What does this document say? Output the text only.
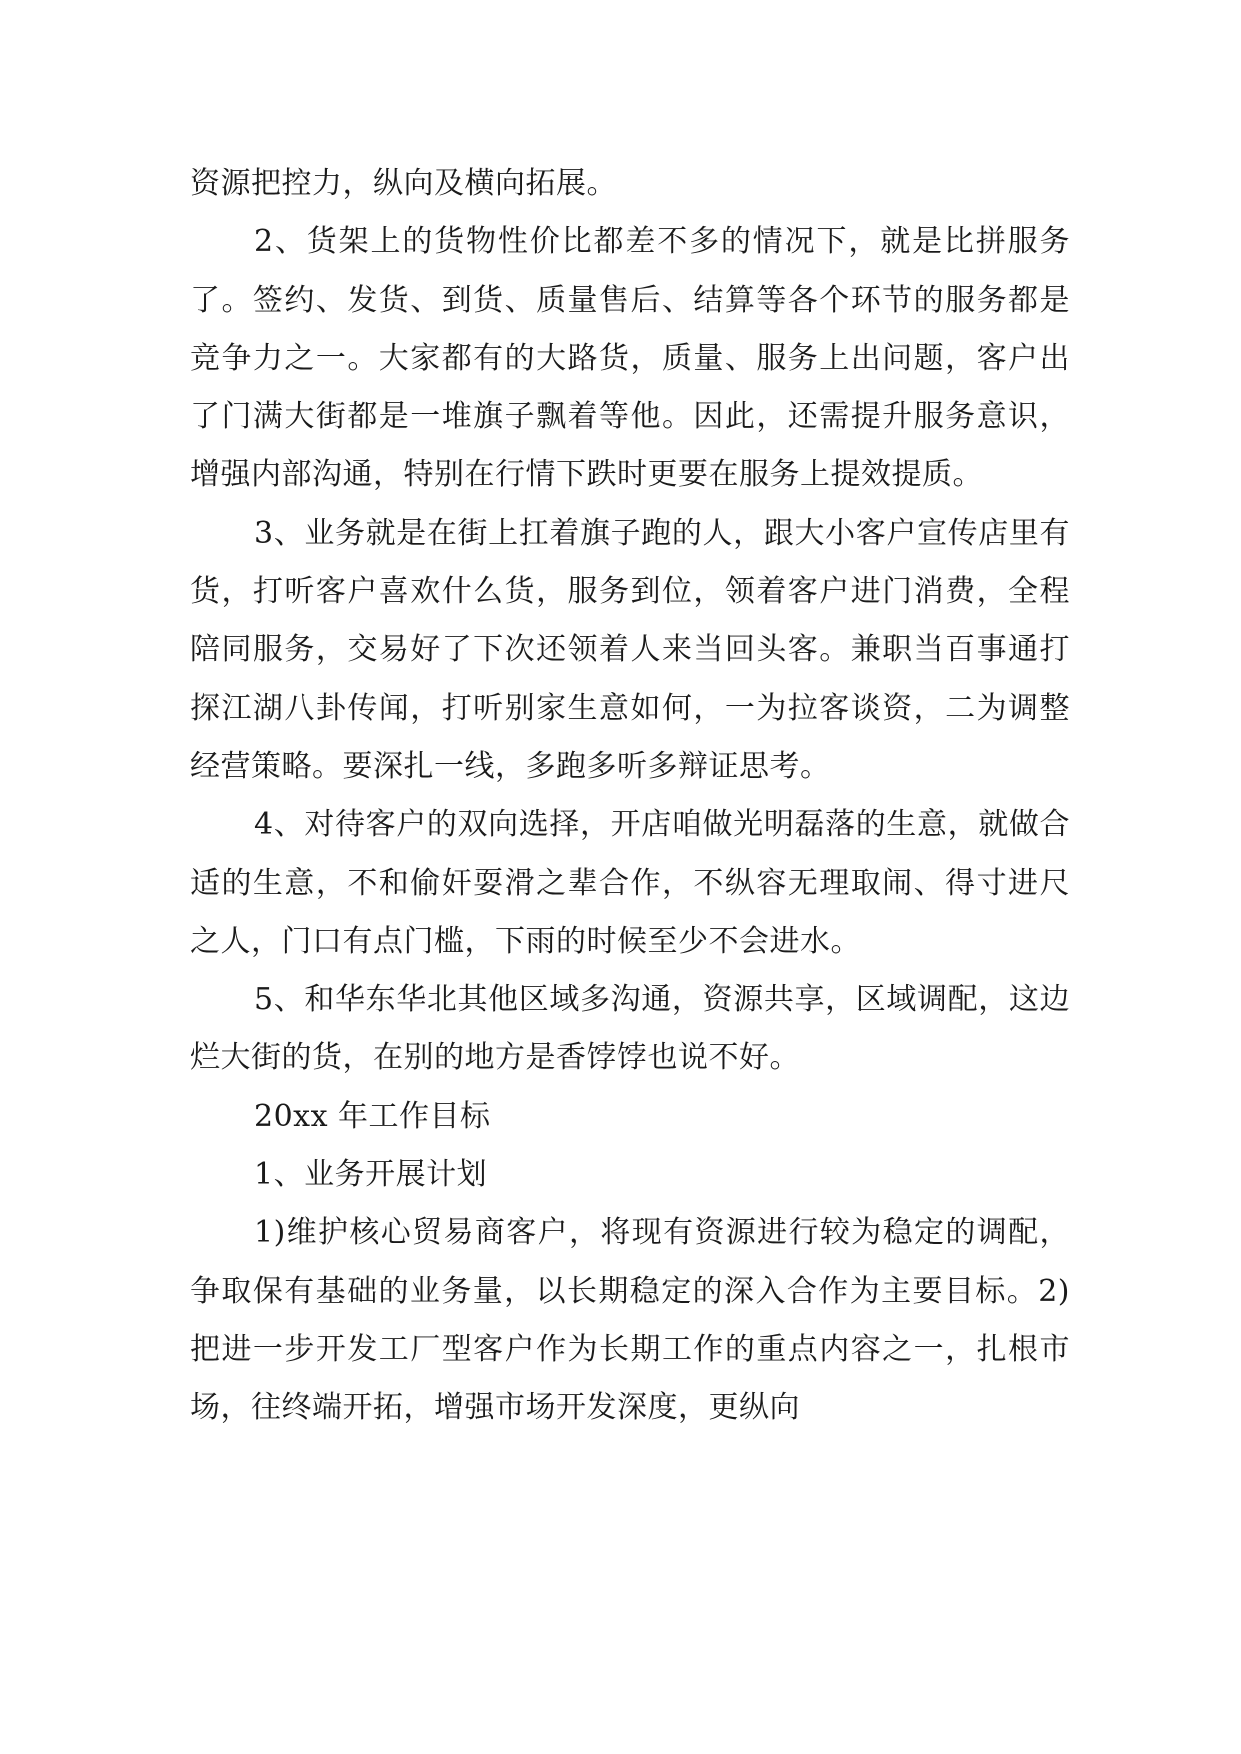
资源把控力，纵向及横向拓展。

2、货架上的货物性价比都差不多的情况下，就是比拼服务了。签约、发货、到货、质量售后、结算等各个环节的服务都是竞争力之一。大家都有的大路货，质量、服务上出问题，客户出了门满大街都是一堆旗子飘着等他。因此，还需提升服务意识，增强内部沟通，特别在行情下跌时更要在服务上提效提质。

3、业务就是在街上扛着旗子跑的人，跟大小客户宣传店里有货，打听客户喜欢什么货，服务到位，领着客户进门消费，全程陪同服务，交易好了下次还领着人来当回头客。兼职当百事通打探江湖八卦传闻，打听别家生意如何，一为拉客谈资，二为调整经营策略。要深扎一线，多跑多听多辩证思考。

4、对待客户的双向选择，开店咱做光明磊落的生意，就做合适的生意，不和偷奸耍滑之辈合作，不纵容无理取闹、得寸进尺之人，门口有点门槛，下雨的时候至少不会进水。

5、和华东华北其他区域多沟通，资源共享，区域调配，这边烂大街的货，在别的地方是香饽饽也说不好。

20xx 年工作目标

1、业务开展计划

1)维护核心贸易商客户，将现有资源进行较为稳定的调配，争取保有基础的业务量，以长期稳定的深入合作为主要目标。2)把进一步开发工厂型客户作为长期工作的重点内容之一，扎根市场，往终端开拓，增强市场开发深度，更纵向
